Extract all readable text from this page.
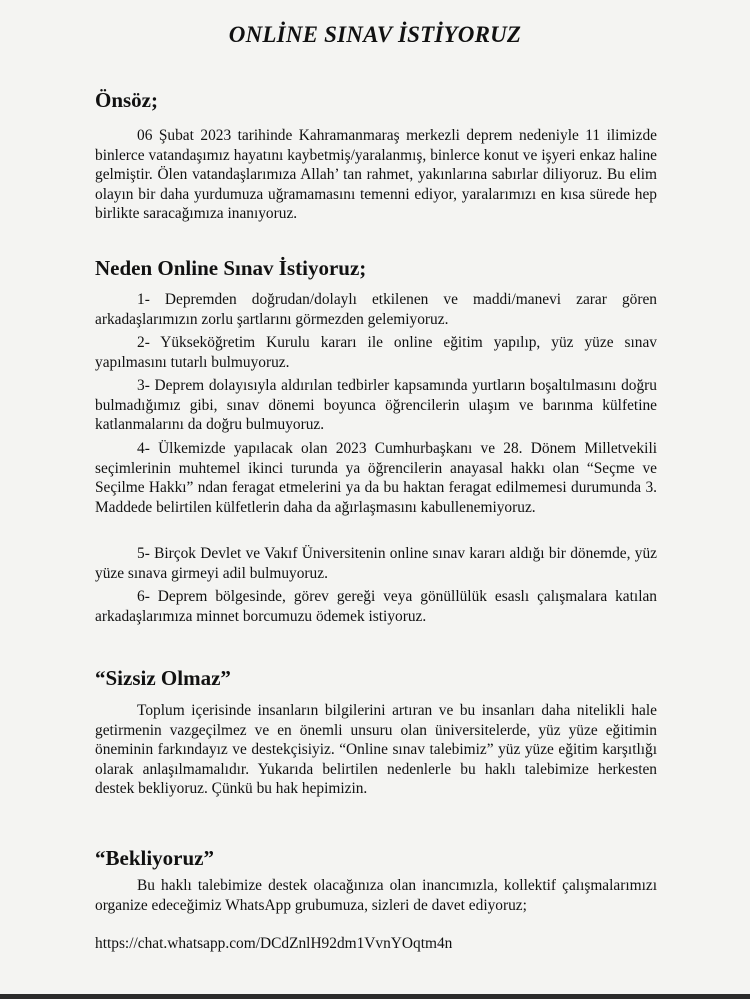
ONLİNE SINAV İSTİYORUZ
Önsöz;

06 Şubat 2023 tarihinde Kahramanmaraş merkezli deprem nedeniyle 11 ilimizde binlerce vatandaşımız hayatını kaybetmiş/yaralanmış, binlerce konut ve işyeri enkaz haline gelmiştir. Ölen vatandaşlarımıza Allah’ tan rahmet, yakınlarına sabırlar diliyoruz. Bu elim olayın bir daha yurdumuza uğramamasını temenni ediyor, yaralarımızı en kısa sürede hep birlikte saracağımıza inanıyoruz.

Neden Online Sınav İstiyoruz;

1- Depremden doğrudan/dolaylı etkilenen ve maddi/manevi zarar gören arkadaşlarımızın zorlu şartlarını görmezden gelemiyoruz.

2- Yükseköğretim Kurulu kararı ile online eğitim yapılıp, yüz yüze sınav yapılmasını tutarlı bulmuyoruz.

3- Deprem dolayısıyla aldırılan tedbirler kapsamında yurtların boşaltılmasını doğru bulmadığımız gibi, sınav dönemi boyunca öğrencilerin ulaşım ve barınma külfetine katlanmalarını da doğru bulmuyoruz.

4- Ülkemizde yapılacak olan 2023 Cumhurbaşkanı ve 28. Dönem Milletvekili seçimlerinin muhtemel ikinci turunda ya öğrencilerin anayasal hakkı olan “Seçme ve Seçilme Hakkı” ndan feragat etmelerini ya da bu haktan feragat edilmemesi durumunda 3. Maddede belirtilen külfetlerin daha da ağırlaşmasını kabullenemiyoruz.

5- Birçok Devlet ve Vakıf Üniversitenin online sınav kararı aldığı bir dönemde, yüz yüze sınava girmeyi adil bulmuyoruz.

6- Deprem bölgesinde, görev gereği veya gönüllülük esaslı çalışmalara katılan arkadaşlarımıza minnet borcumuzu ödemek istiyoruz.

“Sizsiz Olmaz”

Toplum içerisinde insanların bilgilerini artıran ve bu insanları daha nitelikli hale getirmenin vazgeçilmez ve en önemli unsuru olan üniversitelerde, yüz yüze eğitimin öneminin farkındayız ve destekçisiyiz. “Online sınav talebimiz” yüz yüze eğitim karşıtlığı olarak anlaşılmamalıdır. Yukarıda belirtilen nedenlerle bu haklı talebimize herkesten destek bekliyoruz. Çünkü bu hak hepimizin.

“Bekliyoruz”

Bu haklı talebimize destek olacağınıza olan inancımızla, kollektif çalışmalarımızı organize edeceğimiz WhatsApp grubumuza, sizleri de davet ediyoruz;

https://chat.whatsapp.com/DCdZnlH92dm1VvnYOqtm4n
